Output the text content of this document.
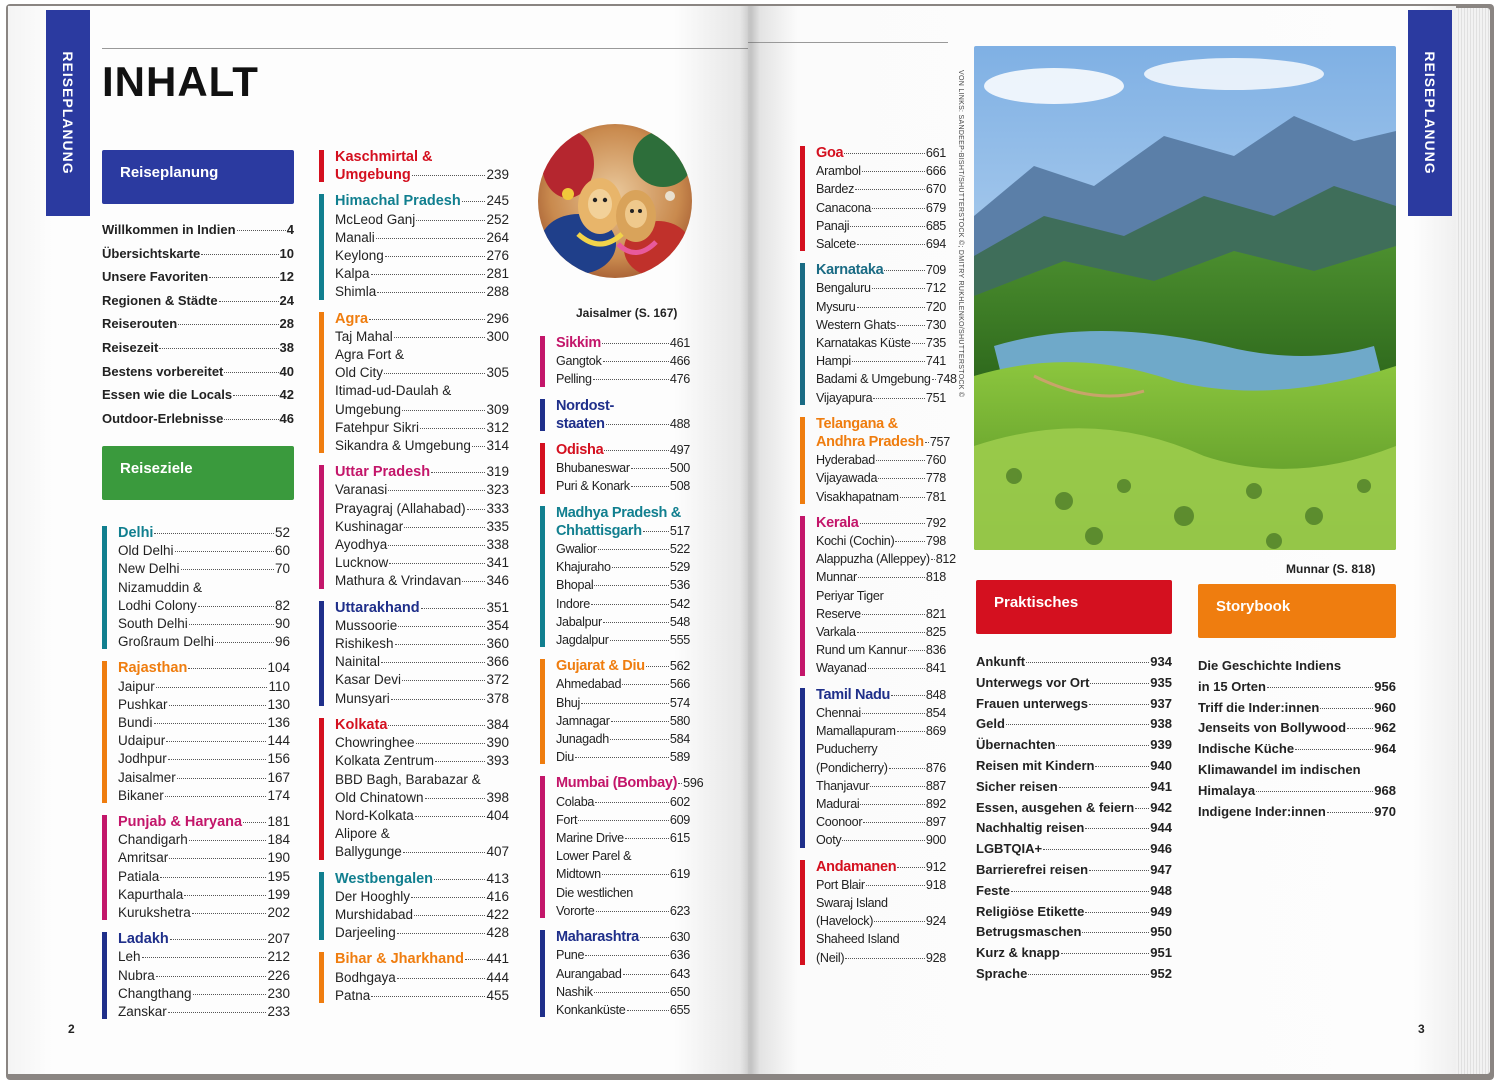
REISEPLANUNG INHALT
Reiseplanung
Willkommen in Indien	4
Übersichtskarte	10
Unsere Favoriten	12
Regionen & Städte	24
Reiserouten	28
Reisezeit	38
Bestens vorbereitet	40
Essen wie die Locals	42
Outdoor-Erlebnisse	46
Reiseziele
Delhi	52
Old Delhi	60
New Delhi	70
Nizamuddin &
Lodhi Colony	82
South Delhi	90
Großraum Delhi	96
Rajasthan	104
Jaipur	110
Pushkar	130
Bundi	136
Udaipur	144
Jodhpur	156
Jaisalmer	167
Bikaner	174
Punjab & Haryana 181
Chandigarh	184
Amritsar	190
Patiala	195
Kapurthala	199
Kurukshetra	202
Ladakh	207
Leh	212
Nubra	226
Changthang	230
Zanskar	233
Kaschmirtal &
Umgebung	239
Himachal Pradesh 245
McLeod Ganj	252
Manali	264
Keylong	276
Kalpa	281
Shimla	288
Agra	296
Taj Mahal	300
Agra Fort &
Old City	305
Itimad-ud-Daulah &
Umgebung	309
Fatehpur Sikri	312
Sikandra & Umgebung 314
Uttar Pradesh	319
Varanasi	323
Prayagraj (Allahabad) 333
Kushinagar	335
Ayodhya	338
Lucknow	341
Mathura & Vrindavan 346
Uttarakhand	351
Mussoorie	354
Rishikesh	360
Nainital	366
Kasar Devi	372
Munsyari	378
Kolkata	384
Chowringhee	390
Kolkata Zentrum	393
BBD Bagh, Barabazar &
Old Chinatown	398
Nord-Kolkata	404
Alipore &
Ballygunge	407
Westbengalen	413
Der Hooghly	416
Murshidabad	422
Darjeeling	428
Bihar & Jharkhand 441
Bodhgaya	444
Patna	455
Jaisalmer (S. 167)
Sikkim	461
Gangtok	466
Pelling	476
Nordost-
staaten	488
Odisha	497
Bhubaneswar	500
Puri & Konark	508
Madhya Pradesh &
Chhattisgarh 517
Gwalior	522
Khajuraho	529
Bhopal	536
Indore	542
Jabalpur	548
Jagdalpur	555
Gujarat & Diu 562
Ahmedabad	566
Bhuj	574
Jamnagar	580
Junagadh	584
Diu	589
Mumbai (Bombay) 596
Colaba	602
Fort	609
Marine Drive	615
Lower Parel &
Midtown	619
Die westlichen
Vororte	623
Maharashtra 630
Pune	636
Aurangabad	643
Nashik	650
Konkanküste	655
2
REISEPLANUNG
3
Goa	661
Arambol	666
Bardez	670
Canacona	679
Panaji	685
Salcete	694
Karnataka	709
Bengaluru	712
Mysuru	720
Western Ghats 730
Karnatakas Küste 735
Hampi	741
Badami & Umgebung 748
Vijayapura	751
Telangana &
Andhra Pradesh 757
Hyderabad	760
Vijayawada	778
Visakhapatnam 781
Kerala	792
Kochi (Cochin) 798
Alappuzha (Alleppey) 812
Munnar	818
Periyar Tiger
Reserve	821
Varkala	825
Rund um Kannur 836
Wayanad	841
Tamil Nadu	848
Chennai	854
Mamallapuram 869
Puducherry
(Pondicherry)	876
Thanjavur	887
Madurai	892
Coonoor	897
Ooty	900
Andamanen 912
Port Blair	918
Swaraj Island
(Havelock)	924
Shaheed Island
(Neil)	928
VON LINKS: SANDEEP-BISHT/SHUTTERSTOCK ©; DMITRY RUKHLENKO/SHUTTERSTOCK ©
Munnar (S. 818)
Praktisches	Storybook
Ankunft	934
Unterwegs vor Ort	935
Frauen unterwegs	937
Geld	938
Übernachten	939
Reisen mit Kindern	940
Sicher reisen	941
Essen, ausgehen & feiern 942
Nachhaltig reisen	944
LGBTQIA+	946
Barrierefrei reisen	947
Feste	948
Religiöse Etikette	949
Betrugsmaschen	950
Kurz & knapp	951
Sprache	952
Die Geschichte Indiens
in 15 Orten	956
Triff die Inder:innen	960
Jenseits von Bollywood 962
Indische Küche	964
Klimawandel im indischen
Himalaya	968
Indigene Inder:innen	970
